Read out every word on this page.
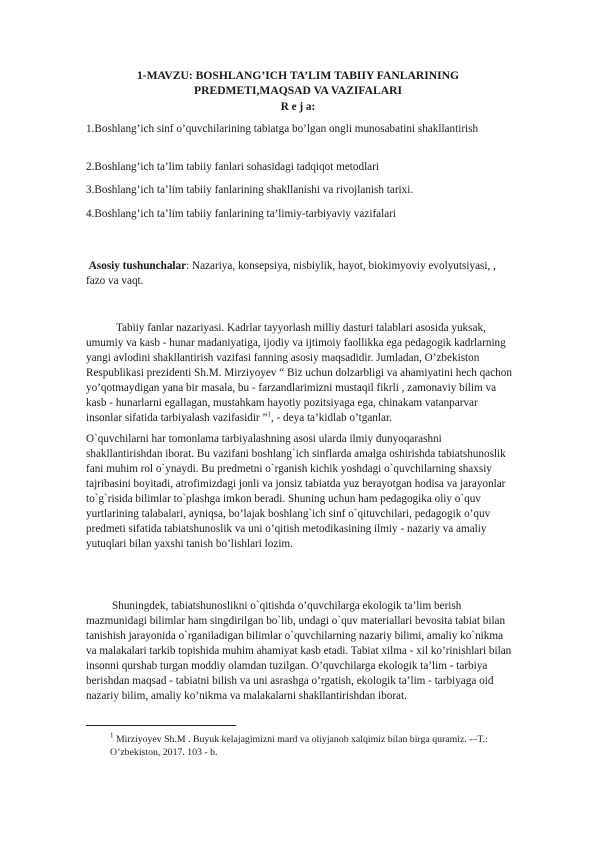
1-MAVZU: BOSHLANG’ICH TA’LIM TABIIY FANLARINING PREDMETI,MAQSAD VA VAZIFALARI
R e j a:
1.Boshlang’ich sinf o’quvchilarining tabiatga bo’lgan ongli munosabatini shakllantirish
2.Boshlang’ich ta’lim tabiiy fanlari sohasidagi tadqiqot metodlari
3.Boshlang’ich ta’lim tabiiy fanlarining shakllanishi va rivojlanish tarixi.
4.Boshlang’ich ta’lim tabiiy fanlarining ta’limiy-tarbiyaviy vazifalari
Asosiy tushunchalar: Nazariya, konsepsiya, nisbiylik, hayot, biokimyoviy evolyutsiyasi, , fazo va vaqt.
Tabiiy fanlar nazariyasi. Kadrlar tayyorlash milliy dasturi talablari asosida yuksak, umumiy va kasb - hunar madaniyatiga, ijodiy va ijtimoiy faollikka ega pedagogik kadrlarning yangi avlodini shakllantirish vazifasi fanning asosiy maqsadidir. Jumladan, O’zbekiston Respublikasi prezidenti Sh.M. Mirziyoyev “ Biz uchun dolzarbligi va ahamiyatini hech qachon yo’qotmaydigan yana bir masala, bu - farzandlarimizni mustaqil fikrli , zamonaviy bilim va kasb - hunarlarni egallagan, mustahkam hayotiy pozitsiyaga ega, chinakam vatanparvar insonlar sifatida tarbiyalash vazifasidir ”$^1$, - deya ta’kidlab o’tganlar.
O`quvchilarni har tomonlama tarbiyalashning asosi ularda ilmiy dunyoqarashni shakllantirishdan iborat. Bu vazifani boshlang`ich sinflarda amalga oshirishda tabiatshunoslik fani muhim rol o`ynaydi. Bu predmetni o`rganish kichik yoshdagi o`quvchilarning shaxsiy tajribasini boyitadi, atrofimizdagi jonli va jonsiz tabiatda yuz berayotgan hodisa va jarayonlar to`g`risida bilimlar to`plashga imkon beradi. Shuning uchun ham pedagogika oliy o`quv yurtlarining talabalari, ayniqsa, bo’lajak boshlang`ich sinf o`qituvchilari, pedagogik o’quv predmeti sifatida tabiatshunoslik va uni o’qitish metodikasining ilmiy - nazariy va amaliy yutuqlari bilan yaxshi tanish bo’lishlari lozim.
Shuningdek, tabiatshunoslikni o`qitishda o’quvchilarga ekologik ta’lim berish mazmunidagi bilimlar ham singdirilgan bo`lib, undagi o`quv materiallari bevosita tabiat bilan tanishish jarayonida o`rganiladigan bilimlar o`quvchilarning nazariy bilimi, amaliy ko`nikma va malakalari tarkib topishida muhim ahamiyat kasb etadi. Tabiat xilma - xil ko’rinishlari bilan insonni qurshab turgan moddiy olamdan tuzilgan. O’quvchilarga ekologik ta’lim - tarbiya berishdan maqsad - tabiatni bilish va uni asrashga o’rgatish, ekologik ta’lim - tarbiyaga oid nazariy bilim, amaliy ko’nikma va malakalarni shakllantirishdan iborat.
$^1$ Mirziyoyev Sh.M . Buyuk kelajagimizni mard va oliyjanob xalqimiz bilan birga quramiz. -–T.: O’zbekiston, 2017. 103 - b.
